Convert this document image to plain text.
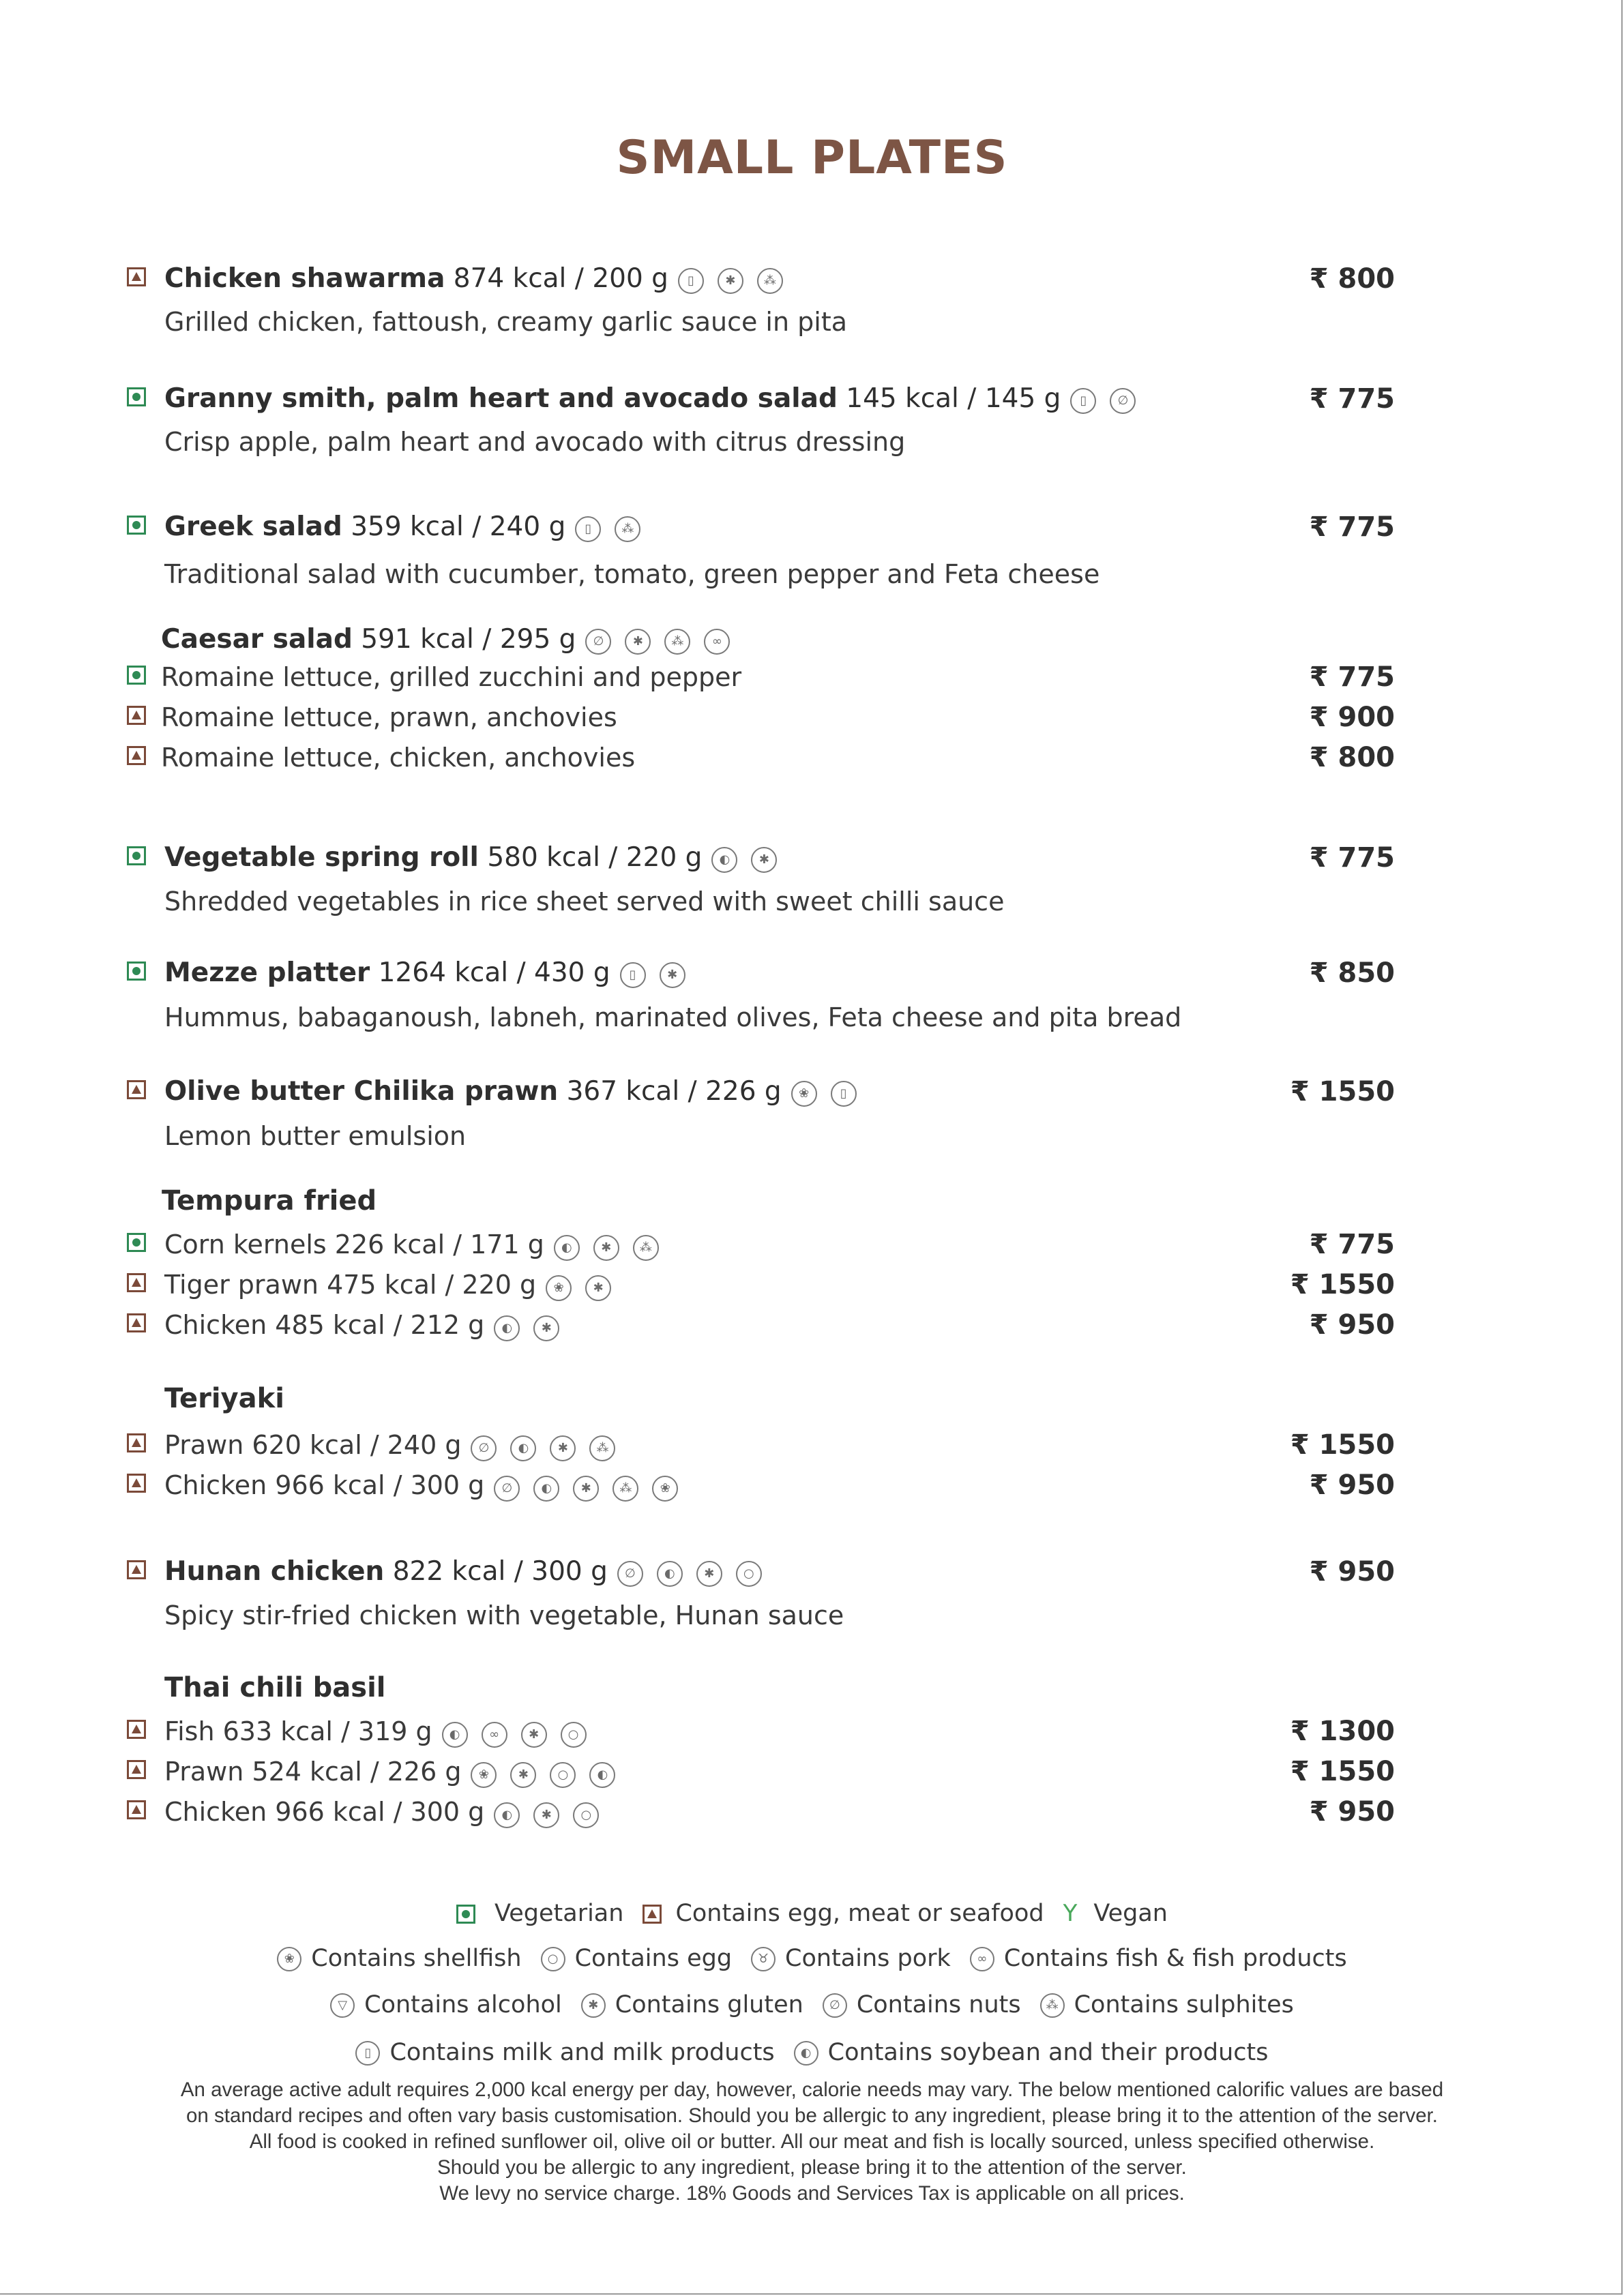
SMALL PLATES
Chicken shawarma 874 kcal / 200 g ▯	✱ ⁂	₹ 800
Grilled chicken, fattoush, creamy garlic sauce in pita
Granny smith, palm heart and avocado salad 145 kcal / 145 g ▯	∅	₹ 775
Crisp apple, palm heart and avocado with citrus dressing
Greek salad 359 kcal / 240 g ▯ ⁂	₹ 775
Traditional salad with cucumber, tomato, green pepper and Feta cheese
Vegetable spring roll 580 kcal / 220 g ◐ ✱	₹ 775
Shredded vegetables in rice sheet served with sweet chilli sauce
Mezze platter 1264 kcal / 430 g ▯	✱	₹ 850
Hummus, babaganoush, labneh, marinated olives, Feta cheese and pita bread
Olive butter Chilika prawn 367 kcal / 226 g ❀	▯	₹ 1550
Lemon butter emulsion
Hunan chicken 822 kcal / 300 g ∅ ◐ ✱ ○	₹ 950
Spicy stir-fried chicken with vegetable, Hunan sauce
Caesar salad 591 kcal / 295 g ∅ ✱ ⁂ ∞
Romaine lettuce, grilled zucchini and pepper	₹ 775
Romaine lettuce, prawn, anchovies	₹ 900
Romaine lettuce, chicken, anchovies	₹ 800
Tempura fried
Corn kernels 226 kcal / 171 g ◐ ✱ ⁂	₹ 775
Tiger prawn 475 kcal / 220 g ❀ ✱	₹ 1550
Chicken 485 kcal / 212 g ◐ ✱	₹ 950
Teriyaki
Prawn 620 kcal / 240 g ∅ ◐ ✱ ⁂	₹ 1550
Chicken 966 kcal / 300 g ∅ ◐ ✱ ⁂ ❀	₹ 950
Thai chili basil
Fish 633 kcal / 319 g ◐ ∞ ✱ ○	₹ 1300
Prawn 524 kcal / 226 g ❀ ✱ ○ ◐	₹ 1550
Chicken 966 kcal / 300 g ◐ ✱ ○	₹ 950
Vegetarian Contains egg, meat or seafood Y Vegan
❀ Contains shellfish ○ Contains egg ♉ Contains pork ∞ Contains fish & fish products
▽ Contains alcohol ✱ Contains gluten ∅ Contains nuts ⁂ Contains sulphites
▯ Contains milk and milk products ◐ Contains soybean and their products
An average active adult requires 2,000 kcal energy per day, however, calorie needs may vary. The below mentioned calorific values are based
on standard recipes and often vary basis customisation. Should you be allergic to any ingredient, please bring it to the attention of the server.
All food is cooked in refined sunflower oil, olive oil or butter. All our meat and fish is locally sourced, unless specified otherwise.
Should you be allergic to any ingredient, please bring it to the attention of the server.
We levy no service charge. 18% Goods and Services Tax is applicable on all prices.
